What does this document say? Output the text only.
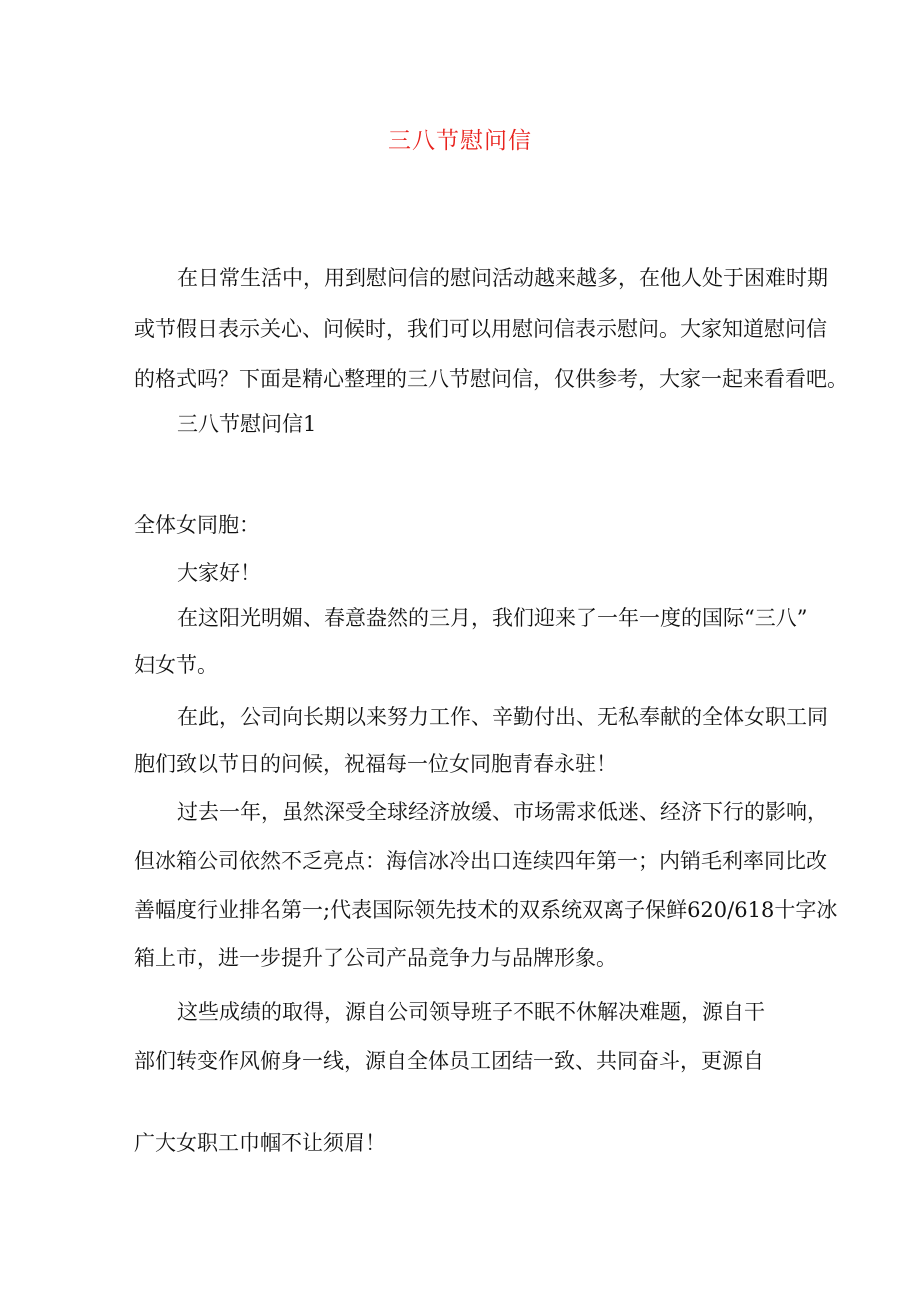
三八节慰问信
在日常生活中，用到慰问信的慰问活动越来越多，在他人处于困难时期
或节假日表示关心、问候时，我们可以用慰问信表示慰问。大家知道慰问信
的格式吗？下面是精心整理的三八节慰问信，仅供参考，大家一起来看看吧。
三八节慰问信1
全体女同胞：
大家好！
在这阳光明媚、春意盎然的三月，我们迎来了一年一度的国际“三八”
妇女节。
在此，公司向长期以来努力工作、辛勤付出、无私奉献的全体女职工同
胞们致以节日的问候，祝福每一位女同胞青春永驻！
过去一年，虽然深受全球经济放缓、市场需求低迷、经济下行的影响，
但冰箱公司依然不乏亮点：海信冰冷出口连续四年第一；内销毛利率同比改
善幅度行业排名第一;代表国际领先技术的双系统双离子保鲜620/618十字冰
箱上市，进一步提升了公司产品竞争力与品牌形象。
这些成绩的取得，源自公司领导班子不眠不休解决难题，源自干
部们转变作风俯身一线，源自全体员工团结一致、共同奋斗，更源自
广大女职工巾帼不让须眉！
